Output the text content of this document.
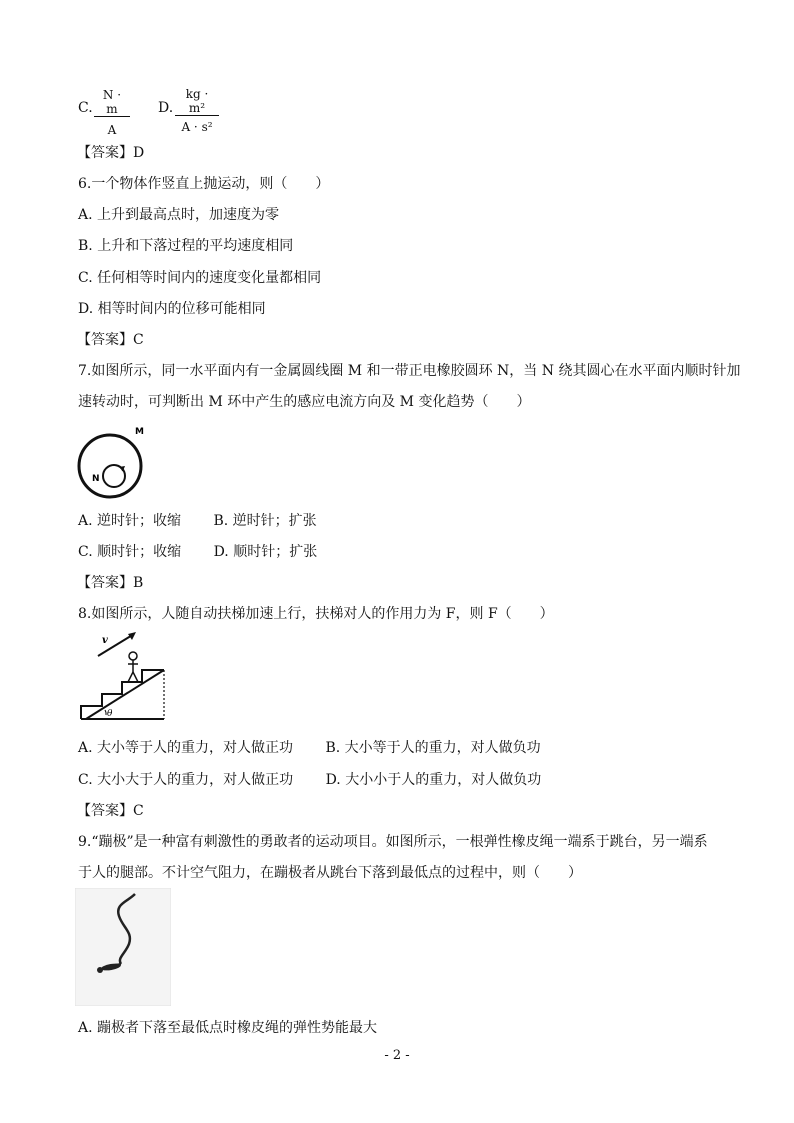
C. $\frac{N \cdot m}{A} D$. $\frac{\text{kg · m²}}{\text{A · s²}}$
【答案】D
6.一个物体作竖直上抛运动，则（　　）
A. 上升到最高点时，加速度为零
B. 上升和下落过程的平均速度相同
C. 任何相等时间内的速度变化量都相同
D. 相等时间内的位移可能相同
【答案】C
7.如图所示，同一水平面内有一金属圆线圈 M 和一带正电橡胶圆环 N，当 N 绕其圆心在水平面内顺时针加
速转动时，可判断出 M 环中产生的感应电流方向及 M 变化趋势（　　）
M
N
A. 逆时针；收缩　　 B. 逆时针；扩张
C. 顺时针；收缩　　 D. 顺时针；扩张
【答案】B
8.如图所示，人随自动扶梯加速上行，扶梯对人的作用力为 F，则 F（　　）
v
θ
A. 大小等于人的重力，对人做正功　　 B. 大小等于人的重力，对人做负功
C. 大小大于人的重力，对人做正功　　 D. 大小小于人的重力，对人做负功
【答案】C
9.“蹦极”是一种富有刺激性的勇敢者的运动项目。如图所示，一根弹性橡皮绳一端系于跳台，另一端系
于人的腿部。不计空气阻力，在蹦极者从跳台下落到最低点的过程中，则（　　）
A. 蹦极者下落至最低点时橡皮绳的弹性势能最大
- 2 -
